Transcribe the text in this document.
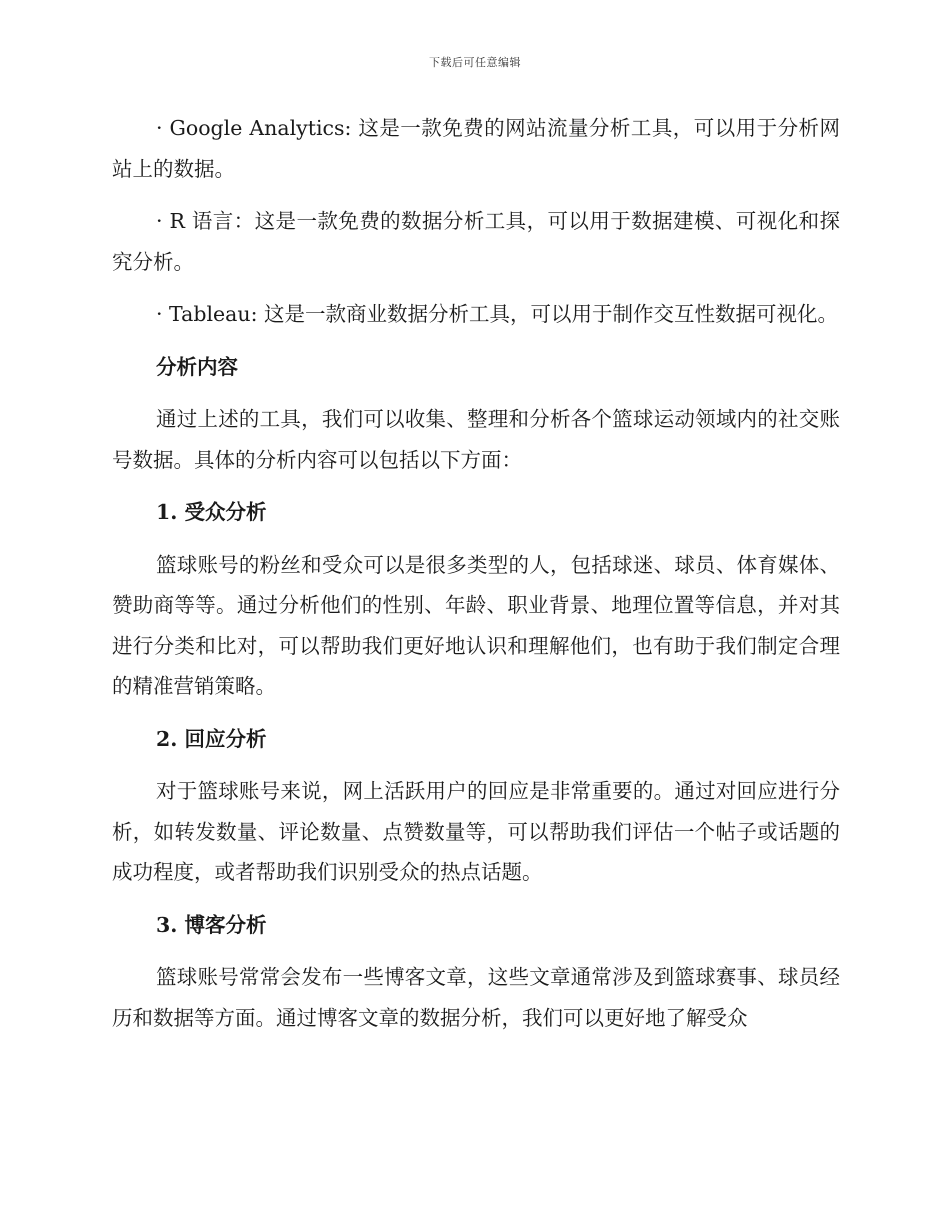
下载后可任意编辑

· Google Analytics: 这是一款免费的网站流量分析工具，可以用于分析网站上的数据。

· R 语言：这是一款免费的数据分析工具，可以用于数据建模、可视化和探究分析。

· Tableau: 这是一款商业数据分析工具，可以用于制作交互性数据可视化。

分析内容

通过上述的工具，我们可以收集、整理和分析各个篮球运动领域内的社交账号数据。具体的分析内容可以包括以下方面：

1. 受众分析

篮球账号的粉丝和受众可以是很多类型的人，包括球迷、球员、体育媒体、赞助商等等。通过分析他们的性别、年龄、职业背景、地理位置等信息，并对其进行分类和比对，可以帮助我们更好地认识和理解他们，也有助于我们制定合理的精准营销策略。

2. 回应分析

对于篮球账号来说，网上活跃用户的回应是非常重要的。通过对回应进行分析，如转发数量、评论数量、点赞数量等，可以帮助我们评估一个帖子或话题的成功程度，或者帮助我们识别受众的热点话题。

3. 博客分析

篮球账号常常会发布一些博客文章，这些文章通常涉及到篮球赛事、球员经历和数据等方面。通过博客文章的数据分析，我们可以更好地了解受众
